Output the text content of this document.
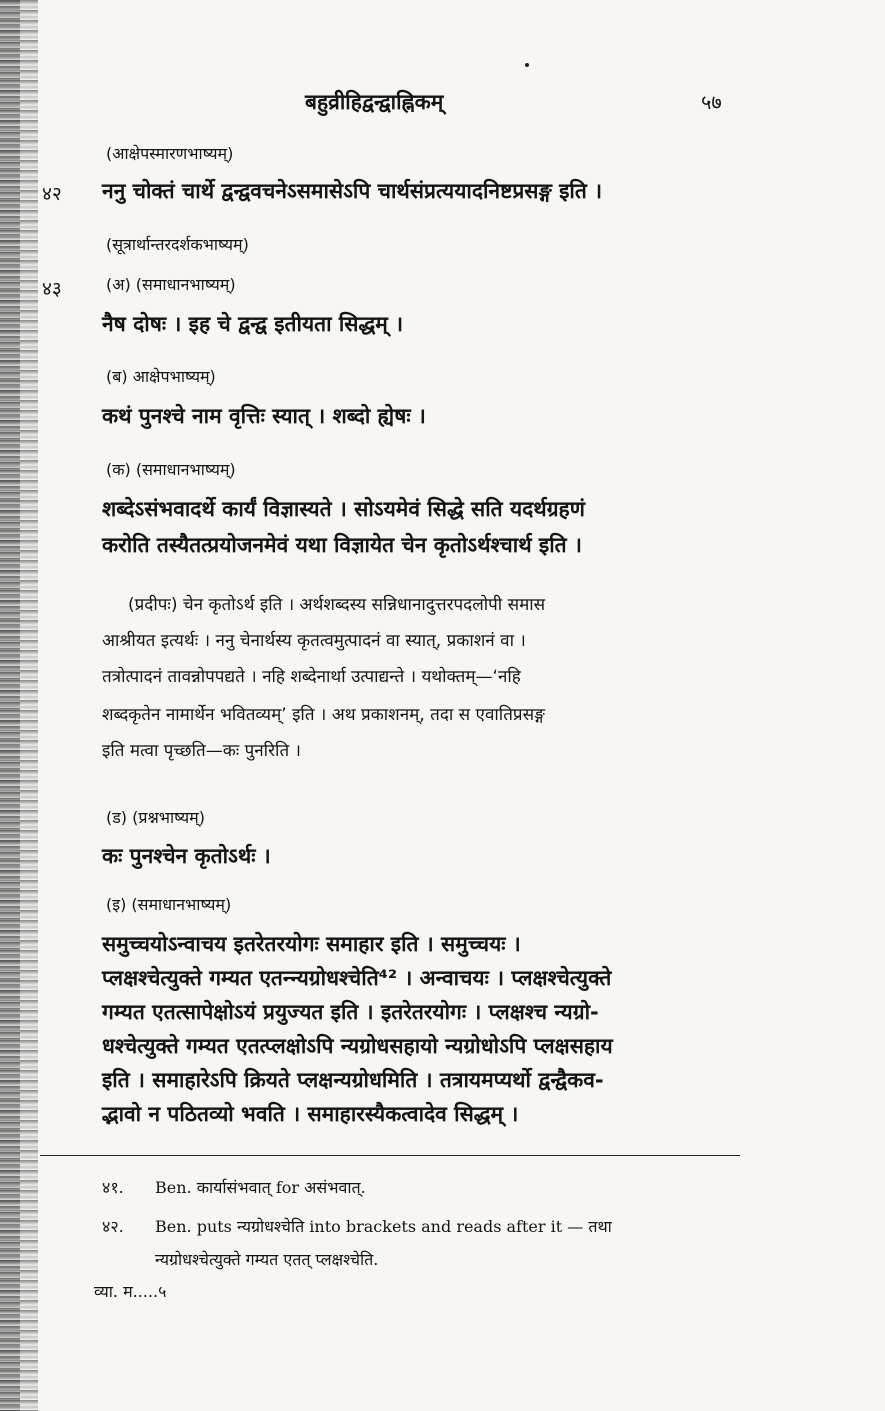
बहुव्रीहिद्वन्द्वाह्निकम्	५७
(आक्षेपस्मारणभाष्यम्)
४२ ननु चोक्तं चार्थे द्वन्द्ववचनेऽसमासेऽपि चार्थसंप्रत्ययादनिष्टप्रसङ्ग इति ।
(सूत्रार्थान्तरदर्शकभाष्यम्)
४३	(अ) (समाधानभाष्यम्)
नैष दोषः । इह चे द्वन्द्व इतीयता सिद्धम् ।
(ब) आक्षेपभाष्यम्)
कथं पुनश्चे नाम वृत्तिः स्यात् । शब्दो ह्येषः ।
(क) (समाधानभाष्यम्)
शब्देऽसंभवादर्थे कार्यं विज्ञास्यते । सोऽयमेवं सिद्धे सति यदर्थग्रहणं
करोति तस्यैतत्प्रयोजनमेवं यथा विज्ञायेत चेन कृतोऽर्थश्चार्थ इति ।
(प्रदीपः) चेन कृतोऽर्थ इति । अर्थशब्दस्य सन्निधानादुत्तरपदलोपी समास
आश्रीयत इत्यर्थः । ननु चेनार्थस्य कृतत्वमुत्पादनं वा स्यात्, प्रकाशनं वा ।
तत्रोत्पादनं तावन्नोपपद्यते । नहि शब्देनार्था उत्पाद्यन्ते । यथोक्तम्—‘नहि
शब्दकृतेन नामार्थेन भवितव्यम्’ इति । अथ प्रकाशनम्, तदा स एवातिप्रसङ्ग
इति मत्वा पृच्छति—कः पुनरिति ।
(ड) (प्रश्नभाष्यम्)
कः पुनश्चेन कृतोऽर्थः ।
(इ) (समाधानभाष्यम्)
समुच्चयोऽन्वाचय इतरेतरयोगः समाहार इति । समुच्चयः ।
प्लक्षश्चेत्युक्ते गम्यत एतन्न्यग्रोधश्चेति⁴² । अन्वाचयः । प्लक्षश्चेत्युक्ते
गम्यत एतत्सापेक्षोऽयं प्रयुज्यत इति । इतरेतरयोगः । प्लक्षश्च न्यग्रो-
धश्चेत्युक्ते गम्यत एतत्प्लक्षोऽपि न्यग्रोधसहायो न्यग्रोधोऽपि प्लक्षसहाय
इति । समाहारेऽपि क्रियते प्लक्षन्यग्रोधमिति । तत्रायमप्यर्थो द्वन्द्वैकव-
द्भावो न पठितव्यो भवति । समाहारस्यैकत्वादेव सिद्धम् ।
४१. Ben. कार्यासंभवात् for असंभवात्.
४२. Ben. puts न्यग्रोधश्चेति into brackets and reads after it — तथा
न्यग्रोधश्चेत्युक्ते गम्यत एतत् प्लक्षश्चेति.
व्या. म.....५
